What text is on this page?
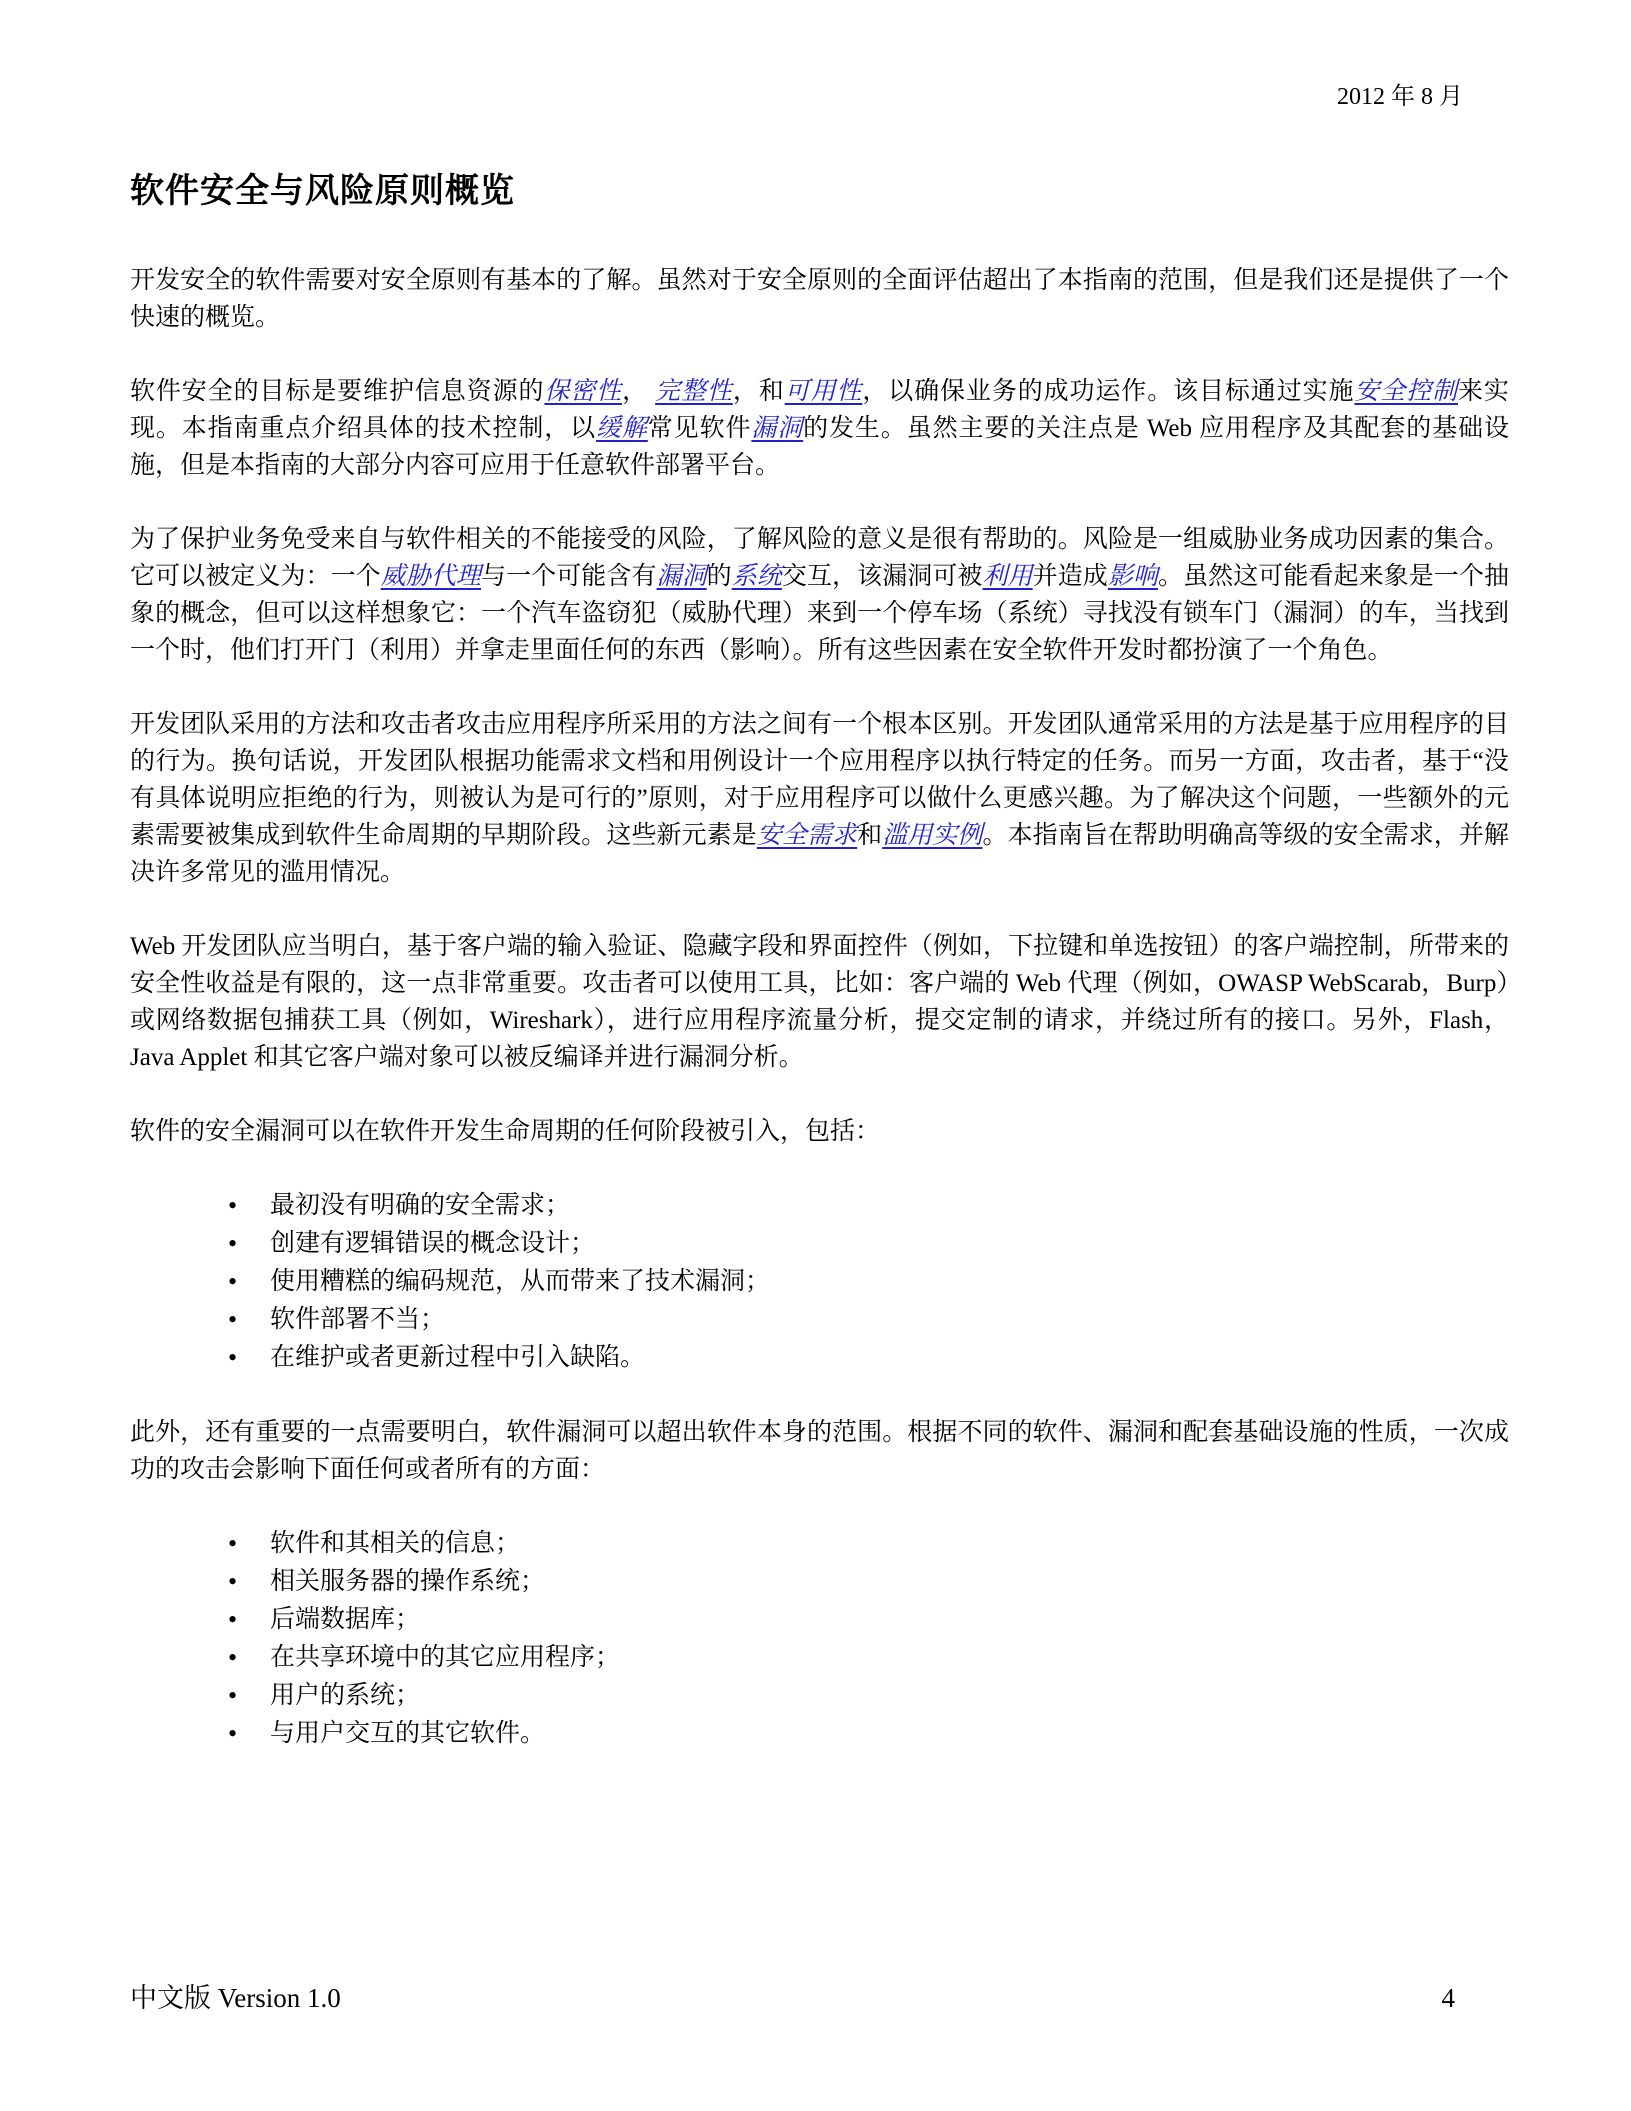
2012 年 8 月
软件安全与风险原则概览

开发安全的软件需要对安全原则有基本的了解。虽然对于安全原则的全面评估超出了本指南的范围，但是我们还是提供了一个快速的概览。

软件安全的目标是要维护信息资源的保密性， 完整性，和可用性，以确保业务的成功运作。该目标通过实施安全控制来实现。本指南重点介绍具体的技术控制，以缓解常见软件漏洞的发生。虽然主要的关注点是 Web 应用程序及其配套的基础设施，但是本指南的大部分内容可应用于任意软件部署平台。

为了保护业务免受来自与软件相关的不能接受的风险，了解风险的意义是很有帮助的。风险是一组威胁业务成功因素的集合。它可以被定义为：一个威胁代理与一个可能含有漏洞的系统交互，该漏洞可被利用并造成影响。虽然这可能看起来象是一个抽象的概念，但可以这样想象它：一个汽车盗窃犯（威胁代理）来到一个停车场（系统）寻找没有锁车门（漏洞）的车，当找到一个时，他们打开门（利用）并拿走里面任何的东西（影响）。所有这些因素在安全软件开发时都扮演了一个角色。

开发团队采用的方法和攻击者攻击应用程序所采用的方法之间有一个根本区别。开发团队通常采用的方法是基于应用程序的目的行为。换句话说，开发团队根据功能需求文档和用例设计一个应用程序以执行特定的任务。而另一方面，攻击者，基于“没有具体说明应拒绝的行为，则被认为是可行的”原则，对于应用程序可以做什么更感兴趣。为了解决这个问题，一些额外的元素需要被集成到软件生命周期的早期阶段。这些新元素是安全需求和滥用实例。本指南旨在帮助明确高等级的安全需求，并解决许多常见的滥用情况。

Web 开发团队应当明白，基于客户端的输入验证、隐藏字段和界面控件（例如，下拉键和单选按钮）的客户端控制，所带来的安全性收益是有限的，这一点非常重要。攻击者可以使用工具，比如：客户端的 Web 代理（例如，OWASP WebScarab，Burp）或网络数据包捕获工具（例如，Wireshark），进行应用程序流量分析，提交定制的请求，并绕过所有的接口。另外，Flash，Java Applet 和其它客户端对象可以被反编译并进行漏洞分析。

软件的安全漏洞可以在软件开发生命周期的任何阶段被引入，包括：

• 最初没有明确的安全需求；
• 创建有逻辑错误的概念设计；
• 使用糟糕的编码规范，从而带来了技术漏洞；
• 软件部署不当；
• 在维护或者更新过程中引入缺陷。

此外，还有重要的一点需要明白，软件漏洞可以超出软件本身的范围。根据不同的软件、漏洞和配套基础设施的性质，一次成功的攻击会影响下面任何或者所有的方面：

• 软件和其相关的信息；
• 相关服务器的操作系统；
• 后端数据库；
• 在共享环境中的其它应用程序；
• 用户的系统；
• 与用户交互的其它软件。
中文版 Version 1.0	4
